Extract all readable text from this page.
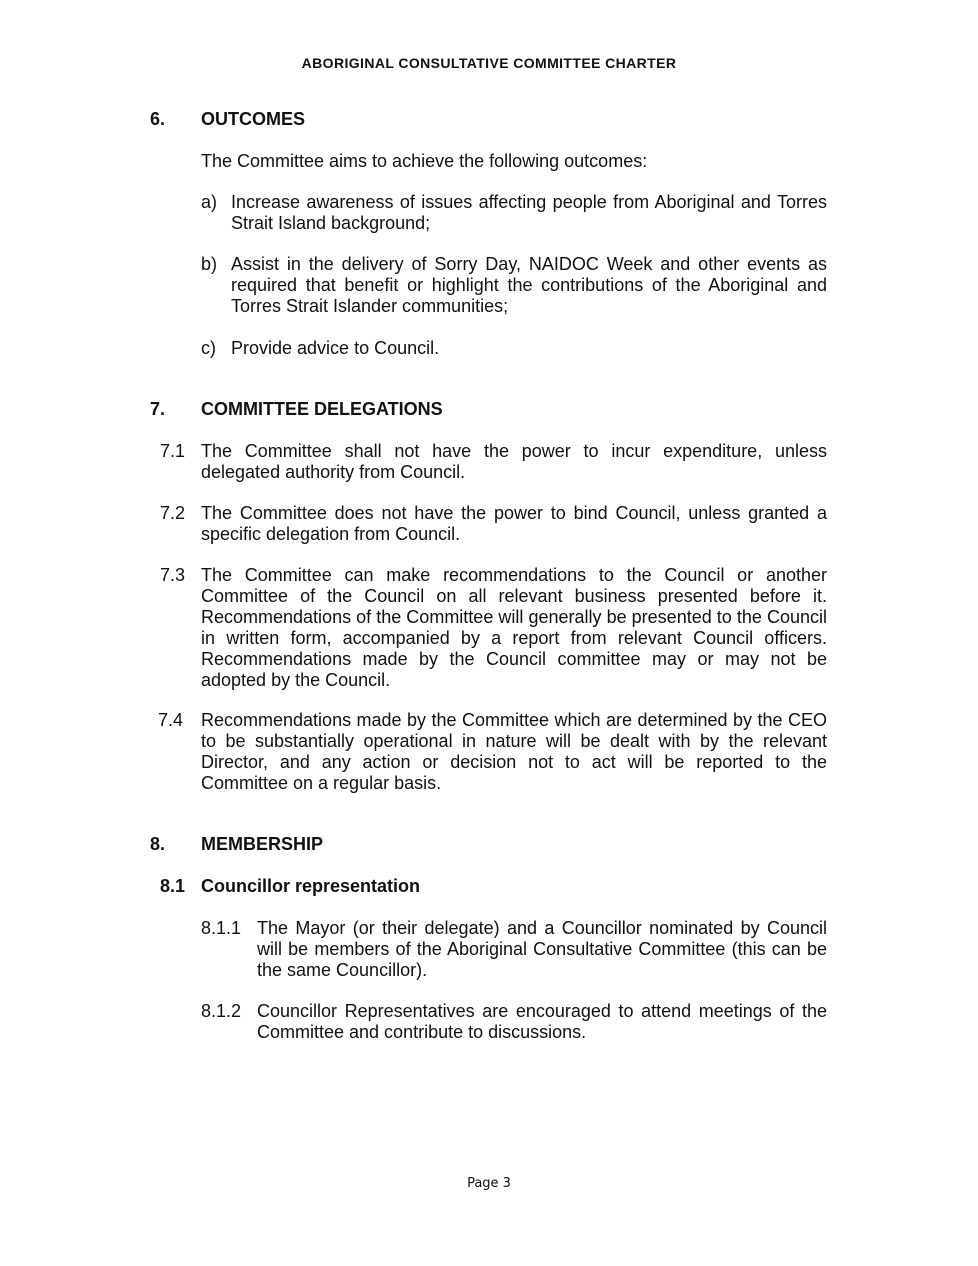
ABORIGINAL CONSULTATIVE COMMITTEE CHARTER
6. OUTCOMES
The Committee aims to achieve the following outcomes:
a) Increase awareness of issues affecting people from Aboriginal and Torres Strait Island background;
b) Assist in the delivery of Sorry Day, NAIDOC Week and other events as required that benefit or highlight the contributions of the Aboriginal and Torres Strait Islander communities;
c) Provide advice to Council.
7. COMMITTEE DELEGATIONS
7.1 The Committee shall not have the power to incur expenditure, unless delegated authority from Council.
7.2 The Committee does not have the power to bind Council, unless granted a specific delegation from Council.
7.3 The Committee can make recommendations to the Council or another Committee of the Council on all relevant business presented before it. Recommendations of the Committee will generally be presented to the Council in written form, accompanied by a report from relevant Council officers. Recommendations made by the Council committee may or may not be adopted by the Council.
7.4 Recommendations made by the Committee which are determined by the CEO to be substantially operational in nature will be dealt with by the relevant Director, and any action or decision not to act will be reported to the Committee on a regular basis.
8. MEMBERSHIP
8.1 Councillor representation
8.1.1 The Mayor (or their delegate) and a Councillor nominated by Council will be members of the Aboriginal Consultative Committee (this can be the same Councillor).
8.1.2 Councillor Representatives are encouraged to attend meetings of the Committee and contribute to discussions.
Page 3
